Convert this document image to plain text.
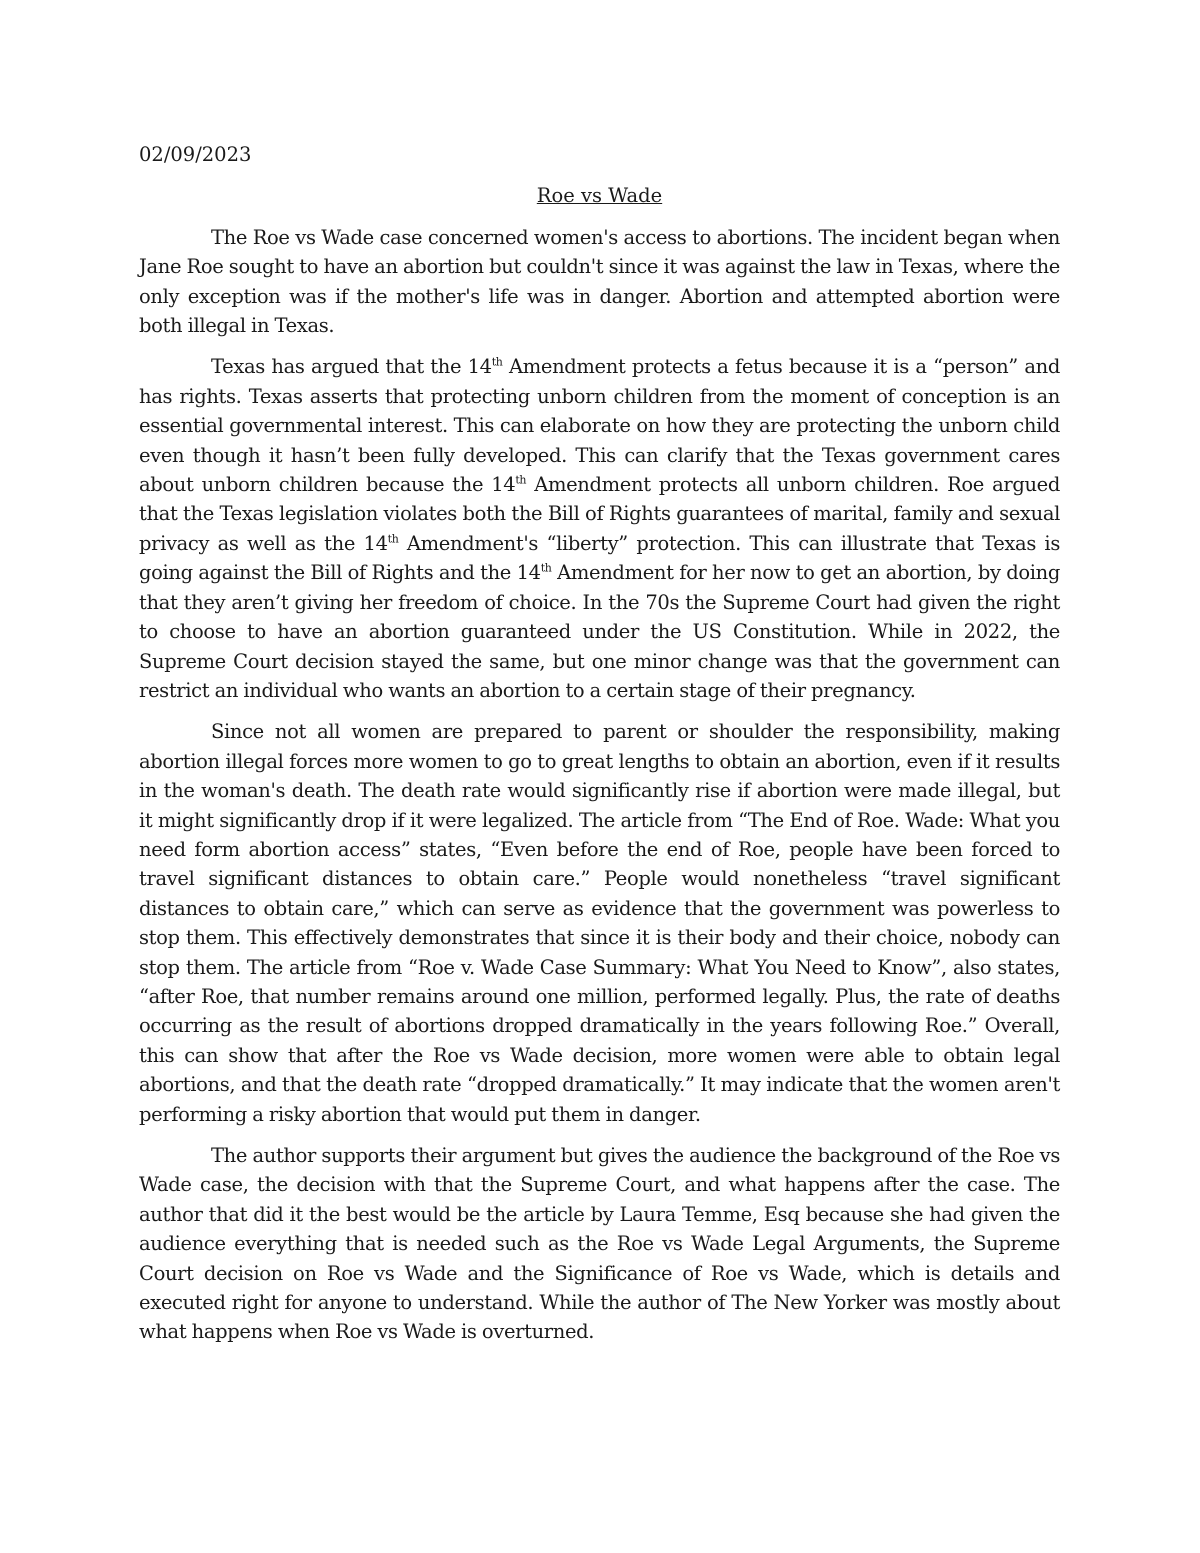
02/09/2023
Roe vs Wade

The Roe vs Wade case concerned women's access to abortions. The incident began when Jane Roe sought to have an abortion but couldn't since it was against the law in Texas, where the only exception was if the mother's life was in danger. Abortion and attempted abortion were both illegal in Texas.

Texas has argued that the 14th Amendment protects a fetus because it is a “person” and has rights. Texas asserts that protecting unborn children from the moment of conception is an essential governmental interest. This can elaborate on how they are protecting the unborn child even though it hasn’t been fully developed. This can clarify that the Texas government cares about unborn children because the 14th Amendment protects all unborn children. Roe argued that the Texas legislation violates both the Bill of Rights guarantees of marital, family and sexual privacy as well as the 14th Amendment's “liberty” protection. This can illustrate that Texas is going against the Bill of Rights and the 14th Amendment for her now to get an abortion, by doing that they aren’t giving her freedom of choice. In the 70s the Supreme Court had given the right to choose to have an abortion guaranteed under the US Constitution. While in 2022, the Supreme Court decision stayed the same, but one minor change was that the government can restrict an individual who wants an abortion to a certain stage of their pregnancy.

Since not all women are prepared to parent or shoulder the responsibility, making abortion illegal forces more women to go to great lengths to obtain an abortion, even if it results in the woman's death. The death rate would significantly rise if abortion were made illegal, but it might significantly drop if it were legalized. The article from “The End of Roe. Wade: What you need form abortion access” states, “Even before the end of Roe, people have been forced to travel significant distances to obtain care.” People would nonetheless “travel significant distances to obtain care,” which can serve as evidence that the government was powerless to stop them. This effectively demonstrates that since it is their body and their choice, nobody can stop them. The article from “Roe v. Wade Case Summary: What You Need to Know”, also states, “after Roe, that number remains around one million, performed legally. Plus, the rate of deaths occurring as the result of abortions dropped dramatically in the years following Roe.” Overall, this can show that after the Roe vs Wade decision, more women were able to obtain legal abortions, and that the death rate “dropped dramatically.” It may indicate that the women aren't performing a risky abortion that would put them in danger.

The author supports their argument but gives the audience the background of the Roe vs Wade case, the decision with that the Supreme Court, and what happens after the case. The author that did it the best would be the article by Laura Temme, Esq because she had given the audience everything that is needed such as the Roe vs Wade Legal Arguments, the Supreme Court decision on Roe vs Wade and the Significance of Roe vs Wade, which is details and executed right for anyone to understand. While the author of The New Yorker was mostly about what happens when Roe vs Wade is overturned.
